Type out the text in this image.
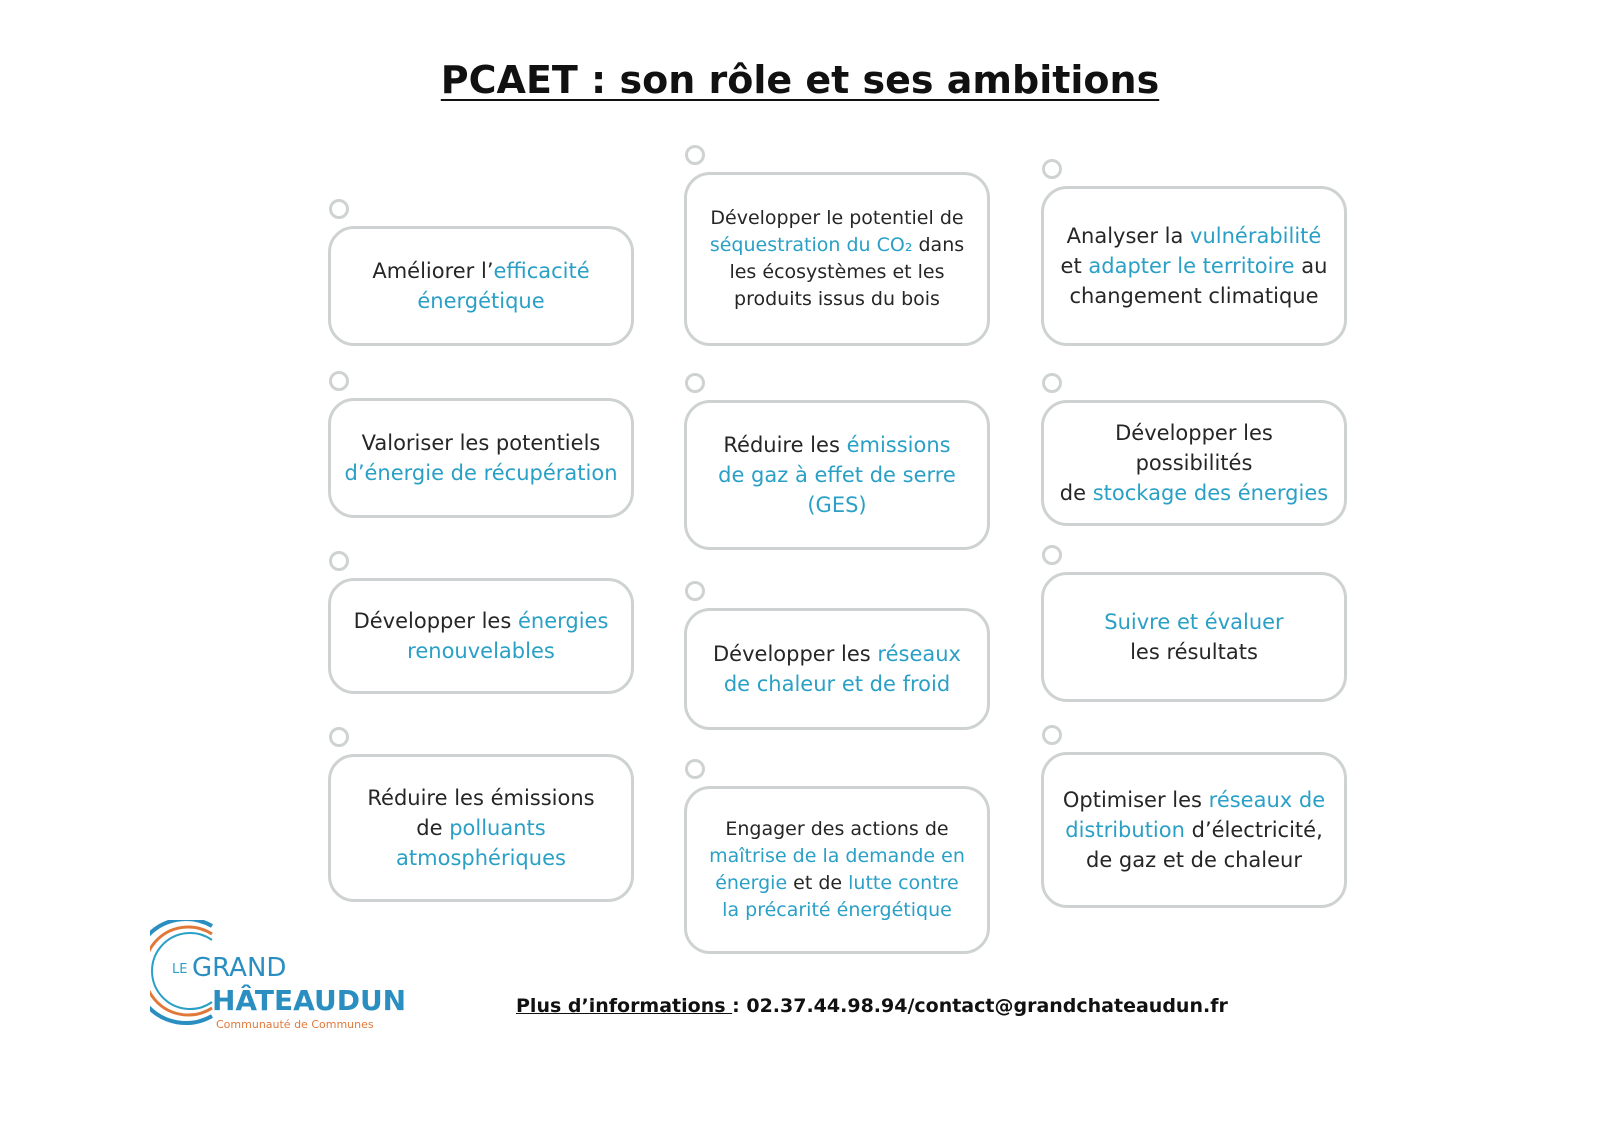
PCAET : son rôle et ses ambitions
Améliorer l’efficacité
énergétique
Développer le potentiel de
séquestration du CO₂ dans
les écosystèmes et les
produits issus du bois
Analyser la vulnérabilité
et adapter le territoire au
changement climatique
Valoriser les potentiels
d’énergie de récupération
Réduire les émissions
de gaz à effet de serre
(GES)
Développer les possibilités
de stockage des énergies
Développer les énergies
renouvelables	Développer les réseaux
de chaleur et de froid
Suivre et évaluer
les résultats
Réduire les émissions
de polluants
atmosphériques
Engager des actions de
maîtrise de la demande en
énergie et de lutte contre
la précarité énergétique
Optimiser les réseaux de
distribution d’électricité,
de gaz et de chaleur
LE GRAND
HÂTEAUDUN
Communauté de Communes
Plus d’informations : 02.37.44.98.94/contact@grandchateaudun.fr
